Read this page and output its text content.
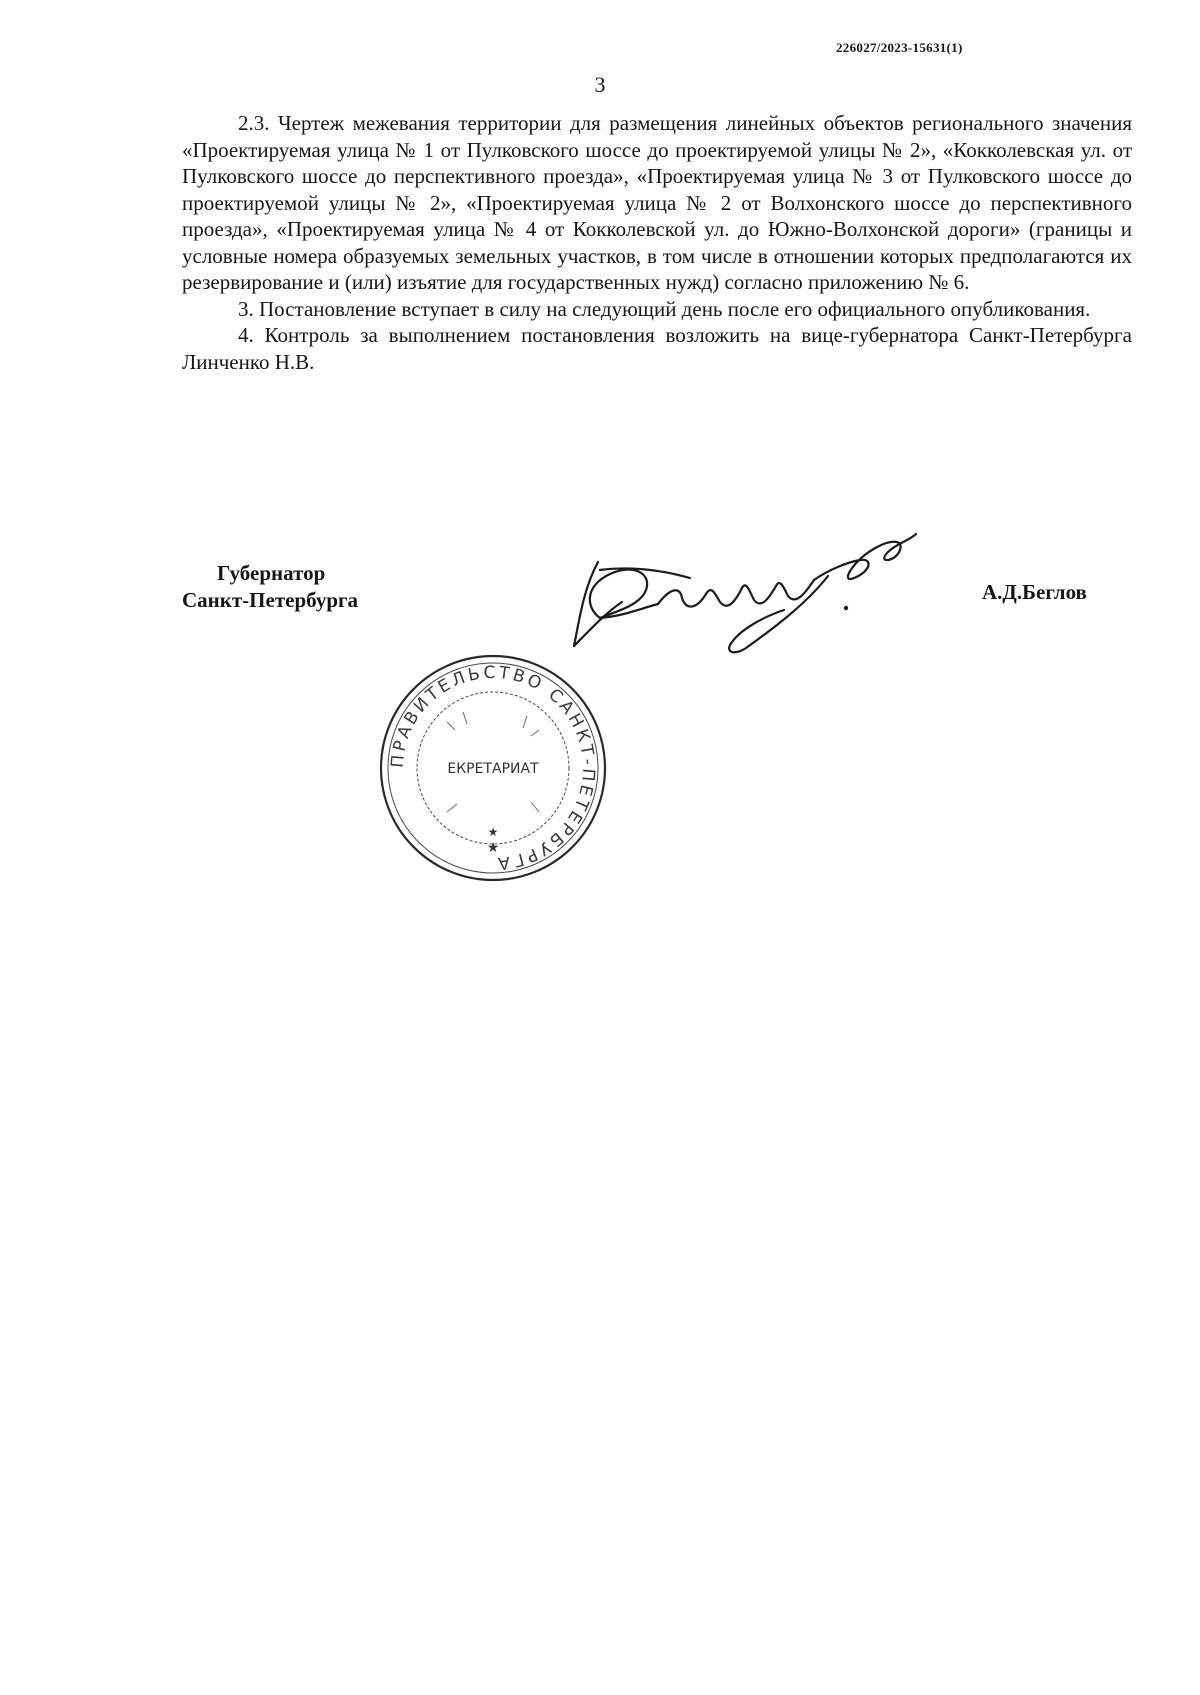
226027/2023-15631(1)
3

2.3. Чертеж межевания территории для размещения линейных объектов регионального значения «Проектируемая улица № 1 от Пулковского шоссе до проектируемой улицы № 2», «Кокколевская ул. от Пулковского шоссе до перспективного проезда», «Проектируемая улица № 3 от Пулковского шоссе до проектируемой улицы № 2», «Проектируемая улица № 2 от Волхонского шоссе до перспективного проезда», «Проектируемая улица № 4 от Кокколевской ул. до Южно-Волхонской дороги» (границы и условные номера образуемых земельных участков, в том числе в отношении которых предполагаются их резервирование и (или) изъятие для государственных нужд) согласно приложению № 6.

3. Постановление вступает в силу на следующий день после его официального опубликования.

4. Контроль за выполнением постановления возложить на вице-губернатора Санкт-Петербурга Линченко Н.В.

Губернатор
Санкт-Петербурга	А.Д.Беглов
ПРАВИТЕЛЬСТВО САНКТ-ПЕТЕРБУРГА
ЕКРЕТАРИАТ
★
★
